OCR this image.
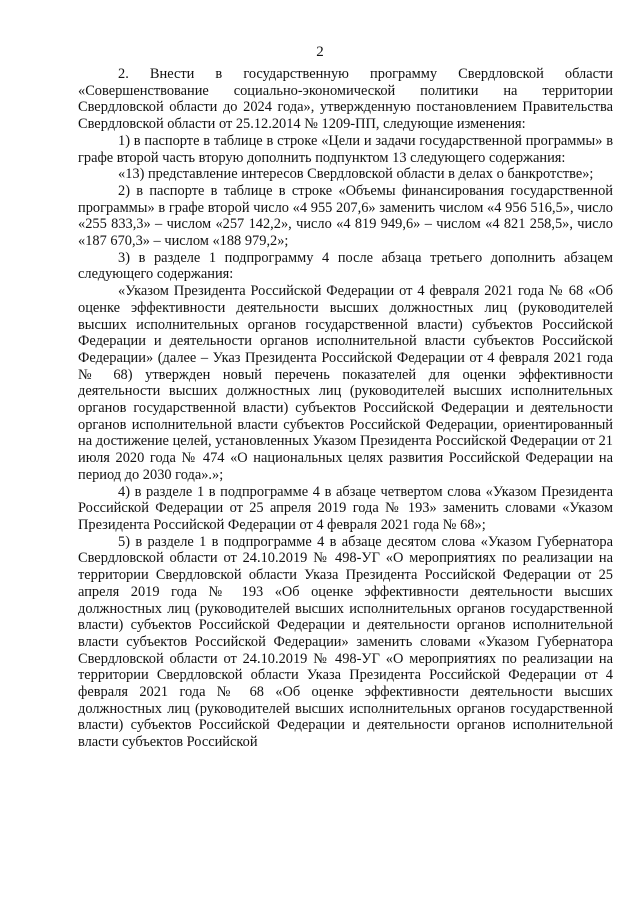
2

2. Внести в государственную программу Свердловской области «Совершенствование социально-экономической политики на территории Свердловской области до 2024 года», утвержденную постановлением Правительства Свердловской области от 25.12.2014 № 1209-ПП, следующие изменения:

1) в паспорте в таблице в строке «Цели и задачи государственной программы» в графе второй часть вторую дополнить подпунктом 13 следующего содержания:

«13) представление интересов Свердловской области в делах о банкротстве»;

2) в паспорте в таблице в строке «Объемы финансирования государственной программы» в графе второй число «4 955 207,6» заменить числом «4 956 516,5», число «255 833,3» – числом «257 142,2», число «4 819 949,6» – числом «4 821 258,5», число «187 670,3» – числом «188 979,2»;

3) в разделе 1 подпрограмму 4 после абзаца третьего дополнить абзацем следующего содержания:

«Указом Президента Российской Федерации от 4 февраля 2021 года № 68 «Об оценке эффективности деятельности высших должностных лиц (руководителей высших исполнительных органов государственной власти) субъектов Российской Федерации и деятельности органов исполнительной власти субъектов Российской Федерации» (далее – Указ Президента Российской Федерации от 4 февраля 2021 года № 68) утвержден новый перечень показателей для оценки эффективности деятельности высших должностных лиц (руководителей высших исполнительных органов государственной власти) субъектов Российской Федерации и деятельности органов исполнительной власти субъектов Российской Федерации, ориентированный на достижение целей, установленных Указом Президента Российской Федерации от 21 июля 2020 года № 474 «О национальных целях развития Российской Федерации на период до 2030 года».»;

4) в разделе 1 в подпрограмме 4 в абзаце четвертом слова «Указом Президента Российской Федерации от 25 апреля 2019 года № 193» заменить словами «Указом Президента Российской Федерации от 4 февраля 2021 года № 68»;

5) в разделе 1 в подпрограмме 4 в абзаце десятом слова «Указом Губернатора Свердловской области от 24.10.2019 № 498-УГ «О мероприятиях по реализации на территории Свердловской области Указа Президента Российской Федерации от 25 апреля 2019 года № 193 «Об оценке эффективности деятельности высших должностных лиц (руководителей высших исполнительных органов государственной власти) субъектов Российской Федерации и деятельности органов исполнительной власти субъектов Российской Федерации» заменить словами «Указом Губернатора Свердловской области от 24.10.2019 № 498-УГ «О мероприятиях по реализации на территории Свердловской области Указа Президента Российской Федерации от 4 февраля 2021 года № 68 «Об оценке эффективности деятельности высших должностных лиц (руководителей высших исполнительных органов государственной власти) субъектов Российской Федерации и деятельности органов исполнительной власти субъектов Российской
